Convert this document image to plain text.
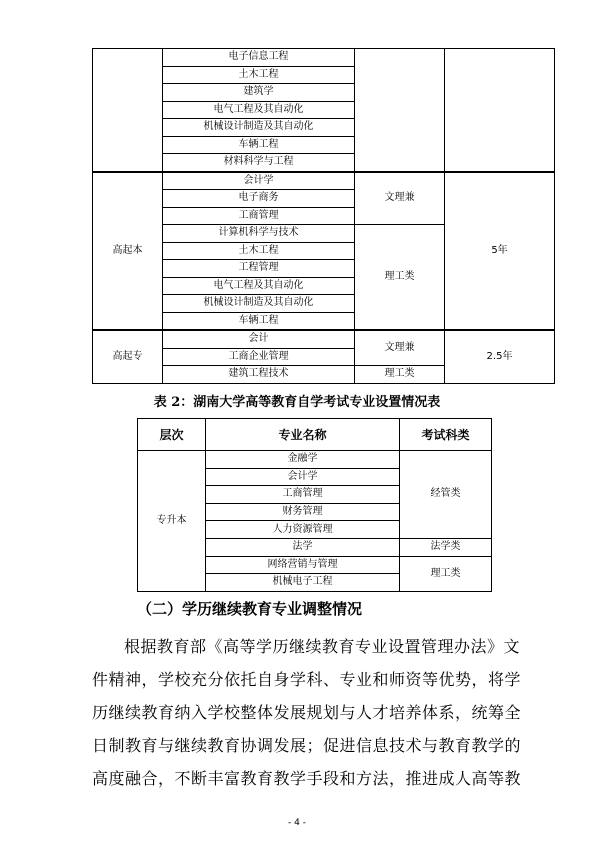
	电子信息工程		
	土木工程		
	建筑学		
	电气工程及其自动化		
	机械设计制造及其自动化		
	车辆工程		
	材料科学与工程		
高起本	会计学	文理兼	5年
	电子商务		
	工商管理		
	计算机科学与技术	理工类	
	土木工程		
	工程管理		
	电气工程及其自动化		
	机械设计制造及其自动化		
	车辆工程		
高起专	会计	文理兼	2.5年
	工商企业管理		
	建筑工程技术	理工类	
表 2：湖南大学高等教育自学考试专业设置情况表
层次	专业名称	考试科类
专升本	金融学	经管类
	会计学	
	工商管理	
	财务管理	
	人力资源管理	
	法学	法学类
	网络营销与管理	理工类
	机械电子工程	
（二）学历继续教育专业调整情况
根据教育部《高等学历继续教育专业设置管理办法》文
件精神，学校充分依托自身学科、专业和师资等优势，将学
历继续教育纳入学校整体发展规划与人才培养体系，统筹全
日制教育与继续教育协调发展；促进信息技术与教育教学的
高度融合，不断丰富教育教学手段和方法，推进成人高等教
- 4 -
